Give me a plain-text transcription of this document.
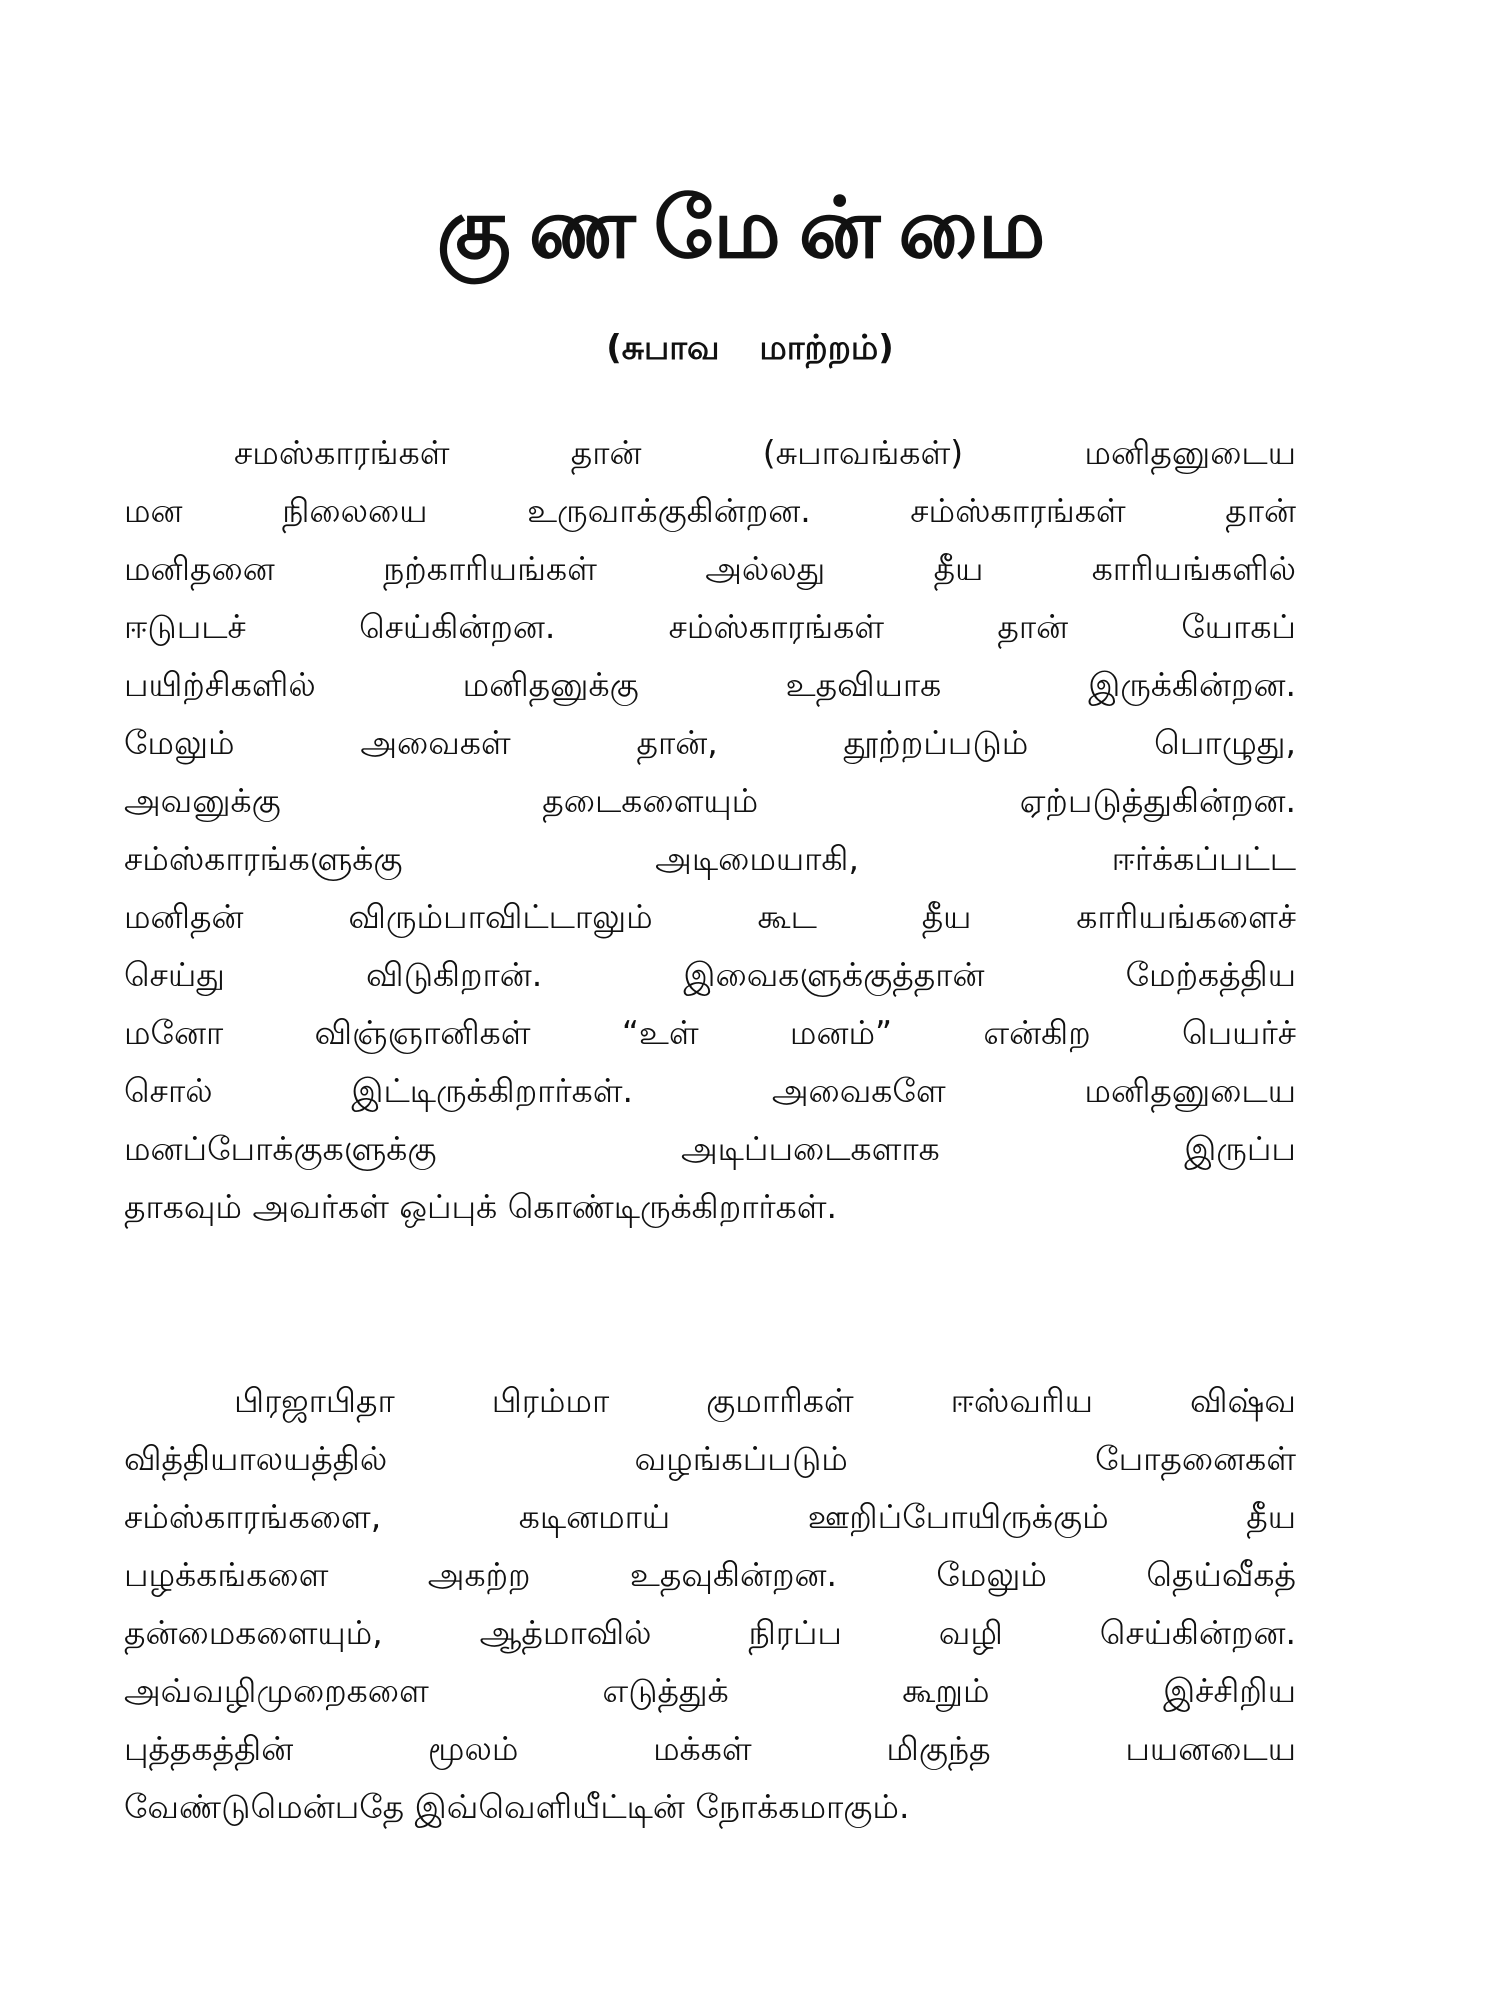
குணமேன்மை
(சுபாவ மாற்றம்)
சமஸ்காரங்கள் தான் (சுபாவங்கள்) மனிதனுடைய
மன நிலையை உருவாக்குகின்றன. சம்ஸ்காரங்கள் தான்
மனிதனை நற்காரியங்கள் அல்லது தீய காரியங்களில்
ஈடுபடச் செய்கின்றன. சம்ஸ்காரங்கள் தான் யோகப்
பயிற்சிகளில் மனிதனுக்கு உதவியாக இருக்கின்றன.
மேலும் அவைகள் தான், தூற்றப்படும் பொழுது,
அவனுக்கு தடைகளையும் ஏற்படுத்துகின்றன.
சம்ஸ்காரங்களுக்கு அடிமையாகி, ஈர்க்கப்பட்ட
மனிதன் விரும்பாவிட்டாலும் கூட தீய காரியங்களைச்
செய்து விடுகிறான். இவைகளுக்குத்தான் மேற்கத்திய
மனோ விஞ்ஞானிகள் “உள் மனம்” என்கிற பெயர்ச்
சொல் இட்டிருக்கிறார்கள். அவைகளே மனிதனுடைய
மனப்போக்குகளுக்கு அடிப்படைகளாக இருப்ப
தாகவும் அவர்கள் ஒப்புக் கொண்டிருக்கிறார்கள்.
பிரஜாபிதா பிரம்மா குமாரிகள் ஈஸ்வரிய விஷ்வ
வித்தியாலயத்தில் வழங்கப்படும் போதனைகள்
சம்ஸ்காரங்களை, கடினமாய் ஊறிப்போயிருக்கும் தீய
பழக்கங்களை அகற்ற உதவுகின்றன. மேலும் தெய்வீகத்
தன்மைகளையும், ஆத்மாவில் நிரப்ப வழி செய்கின்றன.
அவ்வழிமுறைகளை எடுத்துக் கூறும் இச்சிறிய
புத்தகத்தின் மூலம் மக்கள் மிகுந்த பயனடைய
வேண்டுமென்பதே இவ்வெளியீட்டின் நோக்கமாகும்.
